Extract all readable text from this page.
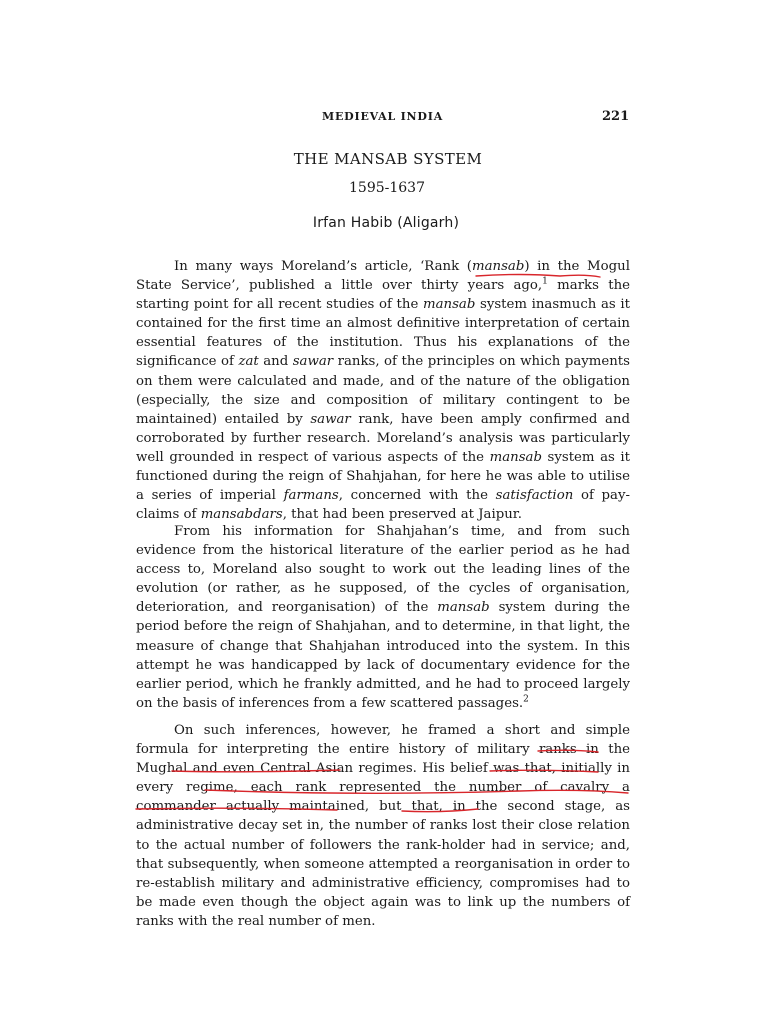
MEDIEVAL INDIA	221
THE MANSAB SYSTEM
1595-1637
Irfan Habib (Aligarh)

In many ways Moreland’s article, ‘Rank (mansab) in the Mogul State Service’, published a little over thirty years ago,$^1$ marks the starting point for all recent studies of the mansab system inasmuch as it contained for the first time an almost definitive interpretation of certain essential features of the institution. Thus his explanations of the significance of zat and sawar ranks, of the principles on which payments on them were calculated and made, and of the nature of the obligation (especially, the size and composition of military contingent to be maintained) entailed by sawar rank, have been amply confirmed and corroborated by further research. Moreland’s analysis was particularly well grounded in respect of various aspects of the mansab system as it functioned during the reign of Shahjahan, for here he was able to utilise a series of imperial farmans, concerned with the satisfaction of pay-claims of mansabdars, that had been preserved at Jaipur.

From his information for Shahjahan’s time, and from such evidence from the historical literature of the earlier period as he had access to, Moreland also sought to work out the leading lines of the evolution (or rather, as he supposed, of the cycles of organisation, deterioration, and reorganisation) of the mansab system during the period before the reign of Shahjahan, and to determine, in that light, the measure of change that Shahjahan introduced into the system. In this attempt he was handicapped by lack of documentary evidence for the earlier period, which he frankly admitted, and he had to proceed largely on the basis of inferences from a few scattered passages.$^2$

On such inferences, however, he framed a short and simple formula for interpreting the entire history of military ranks in the Mughal and even Central Asian regimes. His belief was that, initially in every regime, each rank represented the number of cavalry a commander actually maintained, but that, in the second stage, as administrative decay set in, the number of ranks lost their close relation to the actual number of followers the rank-holder had in service; and, that subsequently, when someone attempted a reorganisation in order to re-establish military and administrative efficiency, compromises had to be made even though the object again was to link up the numbers of ranks with the real number of men.
